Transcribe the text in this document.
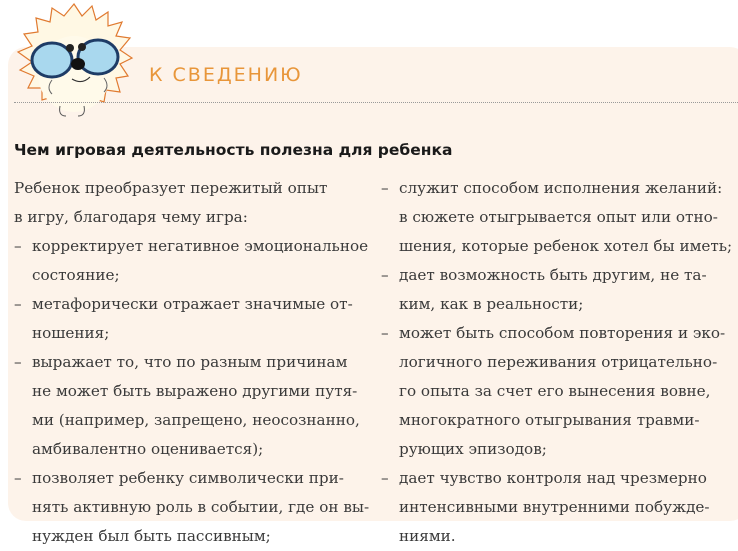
К СВЕДЕНИЮ
Чем игровая деятельность полезна для ребенка
Ребенок преобразует пережитый опыт
в игру, благодаря чему игра:
– корректирует негативное эмоциональное
состояние;
– метафорически отражает значимые от-
ношения;
– выражает то, что по разным причинам
не может быть выражено другими путя-
ми (например, запрещено, неосознанно,
амбивалентно оценивается);
– позволяет ребенку символически при-
нять активную роль в событии, где он вы-
нужден был быть пассивным;
– служит способом исполнения желаний:
в сюжете отыгрывается опыт или отно-
шения, которые ребенок хотел бы иметь;
– дает возможность быть другим, не та-
ким, как в реальности;
– может быть способом повторения и эко-
логичного переживания отрицательно-
го опыта за счет его вынесения вовне,
многократного отыгрывания травми-
рующих эпизодов;
– дает чувство контроля над чрезмерно
интенсивными внутренними побужде-
ниями.
